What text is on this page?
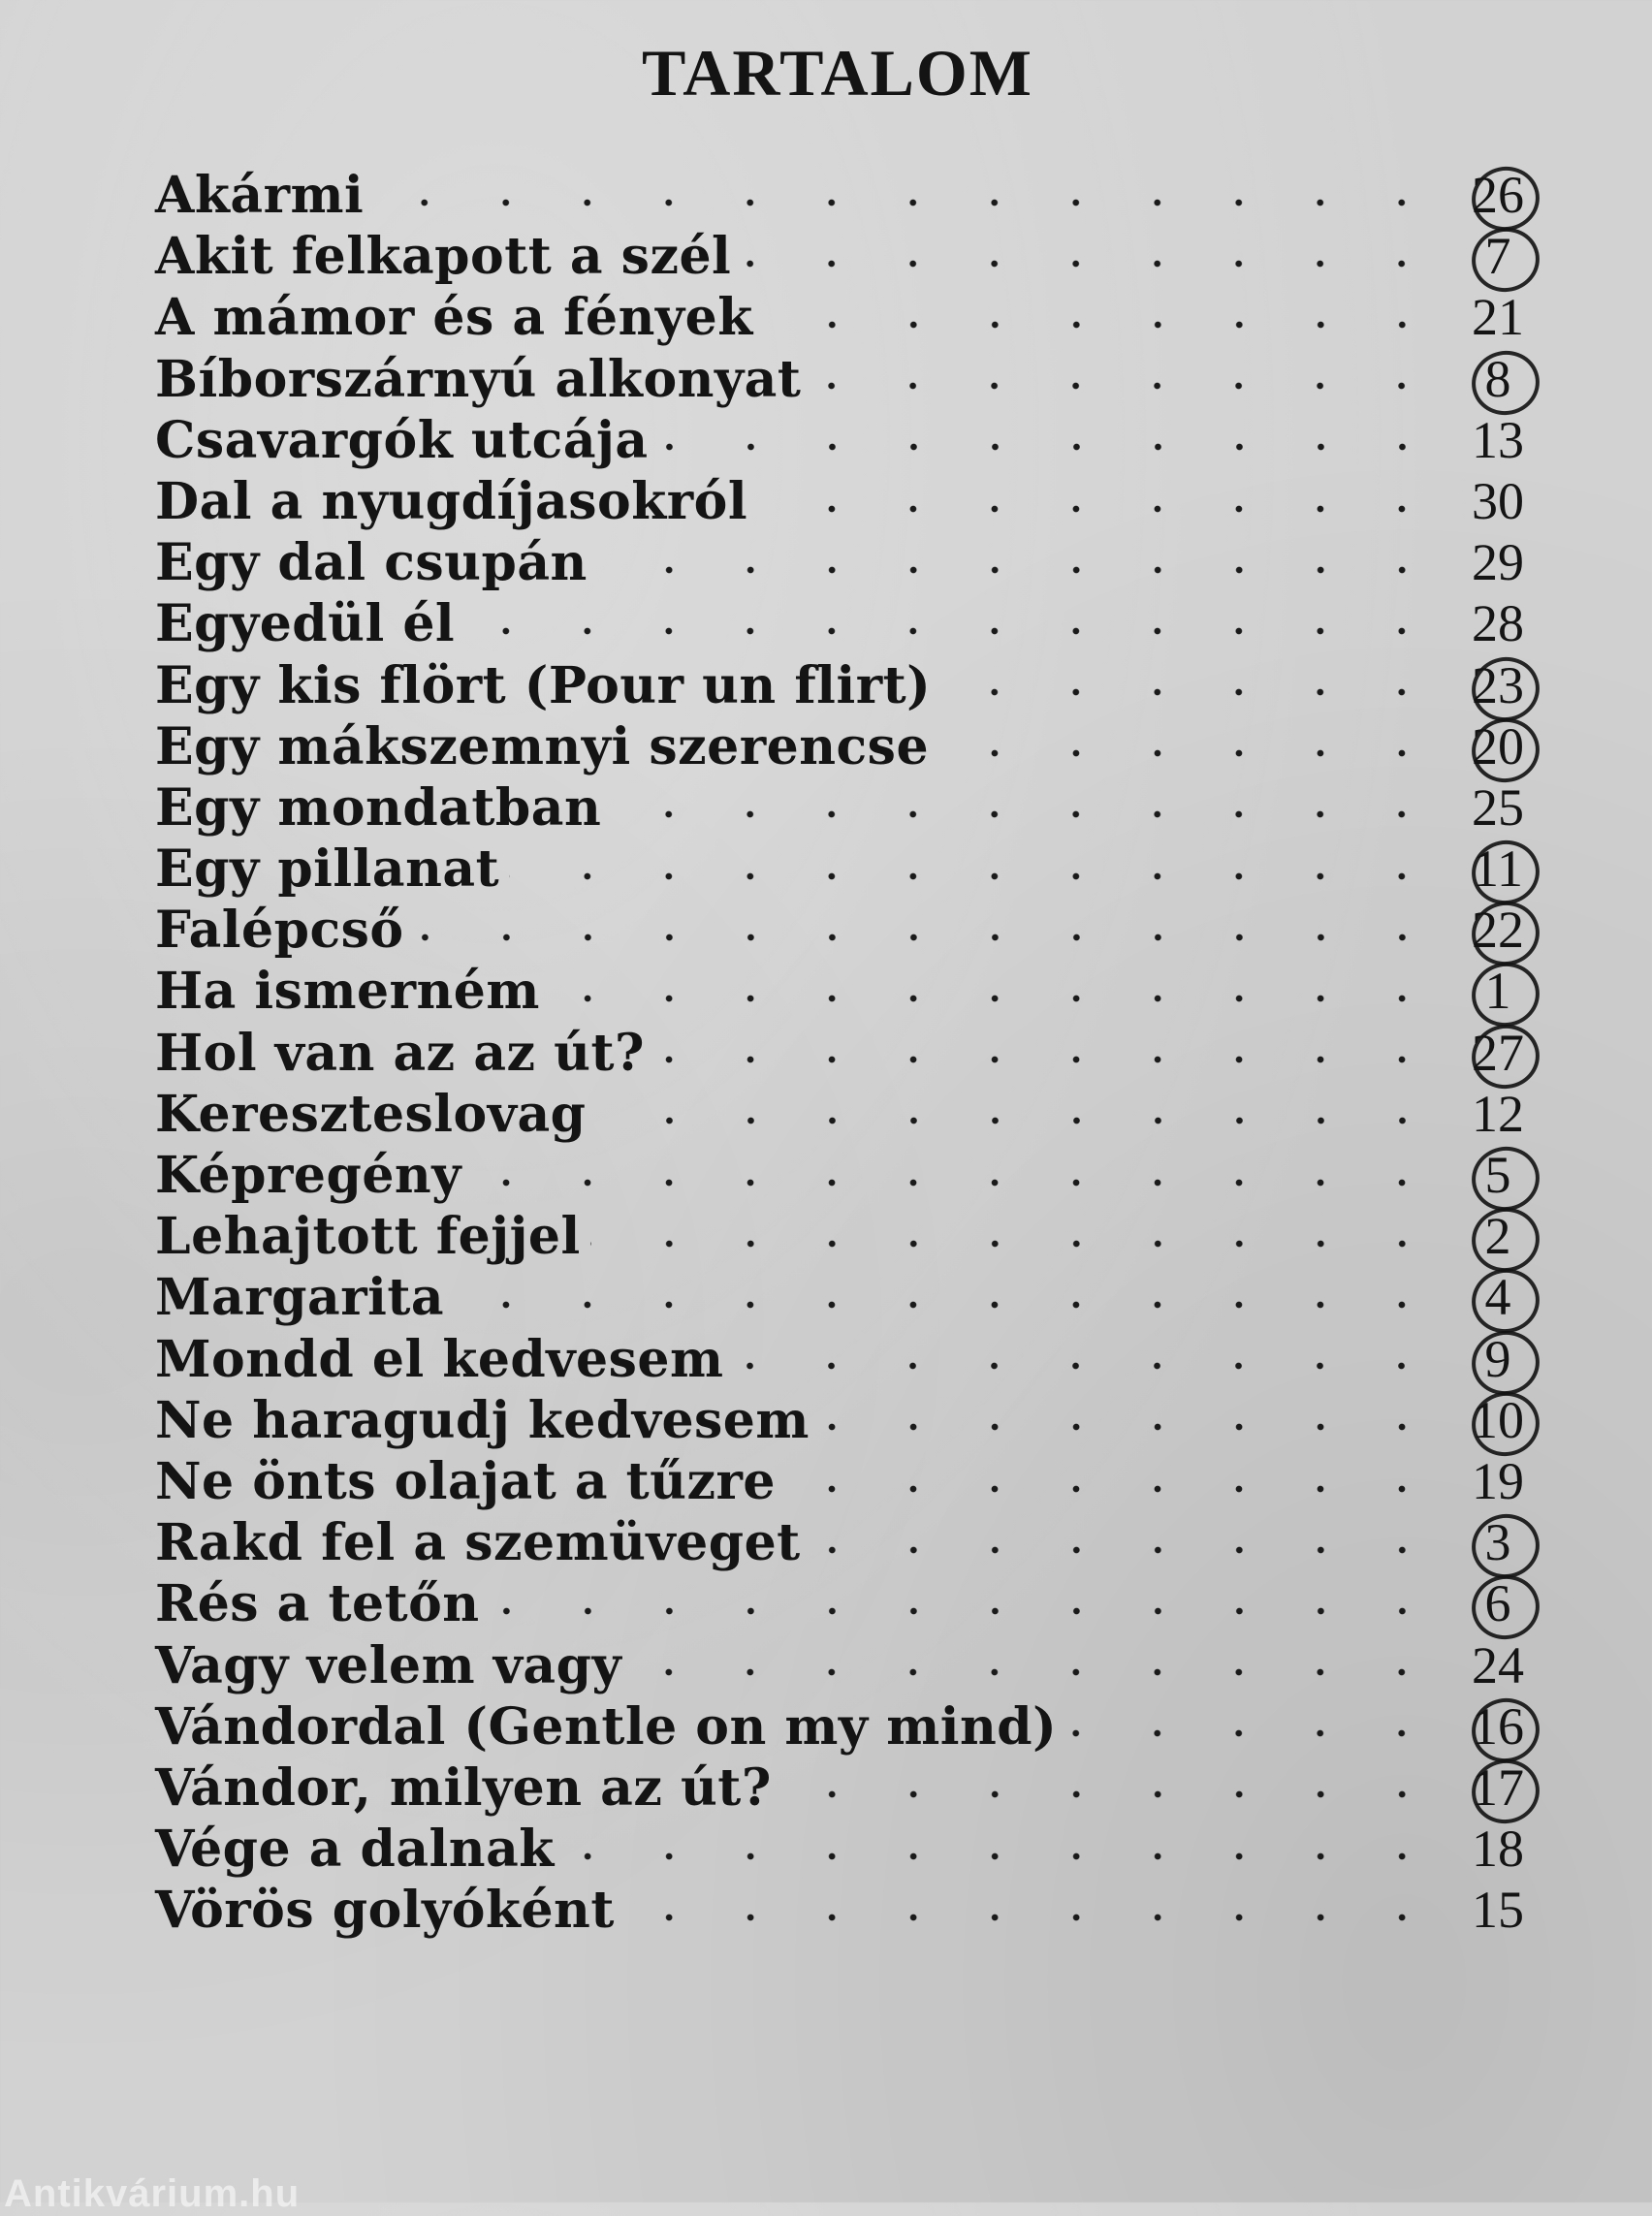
TARTALOM
Akármi	26
Akit felkapott a szél	7
A mámor és a fények	21
Bíborszárnyú alkonyat	8
Csavargók utcája	13
Dal a nyugdíjasokról	30
Egy dal csupán	29
Egyedül él	28
Egy kis flört (Pour un flirt)	23
Egy mákszemnyi szerencse	20
Egy mondatban	25
Egy pillanat	11
Falépcső	22
Ha ismerném	1
Hol van az az út?	27
Kereszteslovag	12
Képregény	5
Lehajtott fejjel	2
Margarita	4
Mondd el kedvesem	9
Ne haragudj kedvesem	10
Ne önts olajat a tűzre	19
Rakd fel a szemüveget	3
Rés a tetőn	6
Vagy velem vagy	24
Vándordal (Gentle on my mind)	16
Vándor, milyen az út?	17
Vége a dalnak	18
Vörös golyóként	15
Antikvárium.hu
